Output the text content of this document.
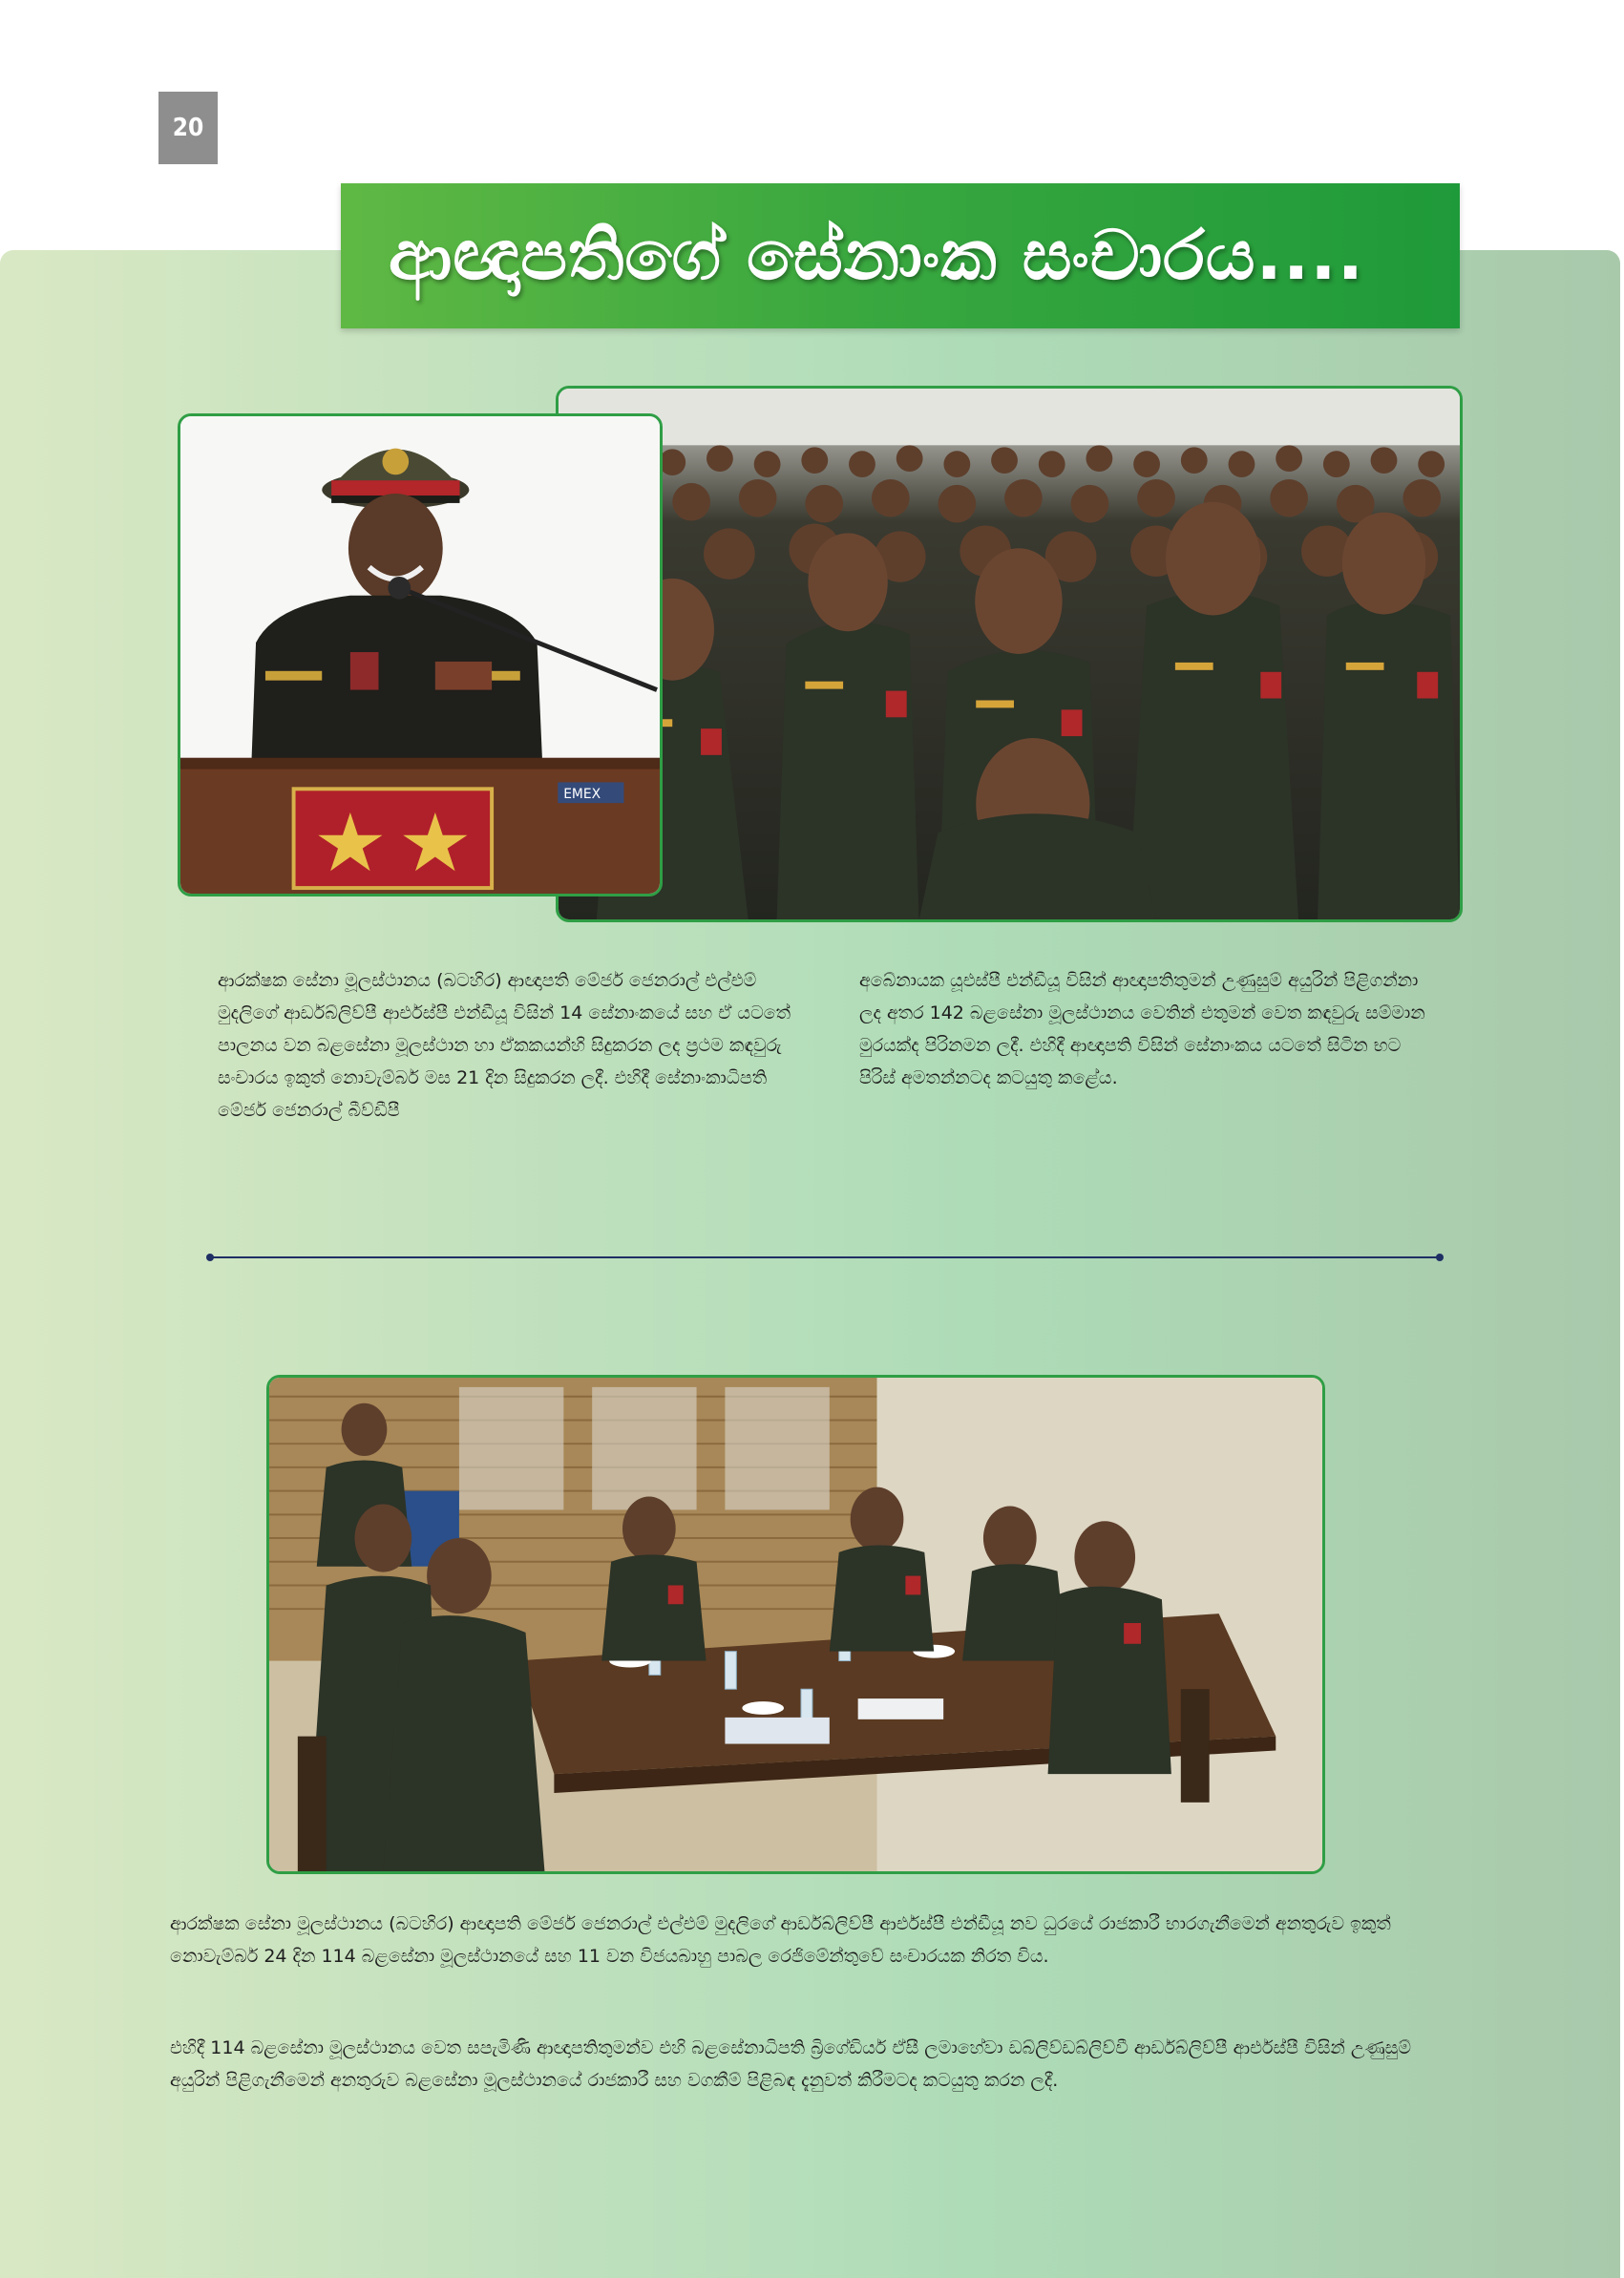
20
ආඥාපතිගේ සේනාංක සංචාරය....
EMEX

ආරක්ෂක සේනා මූලස්ථානය (බටහිර) ආඥාපති මේජර් ජෙනරාල් එල්එම් මුදලිගේ ආර්ඩබ්ලිව්පී ආර්එස්පී එන්ඩීයූ විසින් 14 සේනාංකයේ සහ ඒ යටතේ පාලනය වන බළසේනා මූලස්ථාන හා ඒකකයන්හි සිදුකරන ලද ප්‍රථම කඳවුරු සංචාරය ඉකුත් නොවැම්බර් මස 21 දින සිදුකරන ලදී. එහිදී සේනාංකාධිපති මේජර් ජෙනරාල් බීව්ඩීපී

අබේනායක යූඑස්පී එන්ඩීයූ විසින් ආඥාපතිතුමන් උණුසුම් අයුරින් පිළිගන්නා ලද අතර 142 බළසේනා මූලස්ථානය වෙතින් එතුමන් වෙත කඳවුරු සම්මාන මුරයක්ද පිරිනමන ලදී. එහිදී ආඥාපති විසින් සේනාංකය යටතේ සිටින භට පිරිස් අමතන්නටද කටයුතු කළේය.

ආරක්ෂක සේනා මූලස්ථානය (බටහිර) ආඥාපති මේජර් ජෙනරාල් එල්එම් මුදලිගේ ආර්ඩබ්ලිව්පී ආර්එස්පී එන්ඩීයූ නව ධුරයේ රාජකාරී භාරගැනීමෙන් අනතුරුව ඉකුත් නොවැම්බර් 24 දින 114 බළසේනා මූලස්ථානයේ සහ 11 වන විජයබාහු පාබල රෙජිමේන්තුවේ සංචාරයක නිරත විය.

එහිදී 114 බළසේනා මූලස්ථානය වෙත සපැමිණි ආඥාපතිතුමන්ව එහි බළසේනාධිපති බ්‍රිගේඩියර් ඒසී ලමාහේවා ඩබ්ලිව්ඩබ්ලිව්වී ආර්ඩබ්ලිව්පී ආර්එස්පී විසින් උණුසුම් අයුරින් පිළිගැනීමෙන් අනතුරුව බළසේනා මූලස්ථානයේ රාජකාරී සහ වගකීම් පිළිබඳ දැනුවත් කිරීමටද කටයුතු කරන ලදී.
